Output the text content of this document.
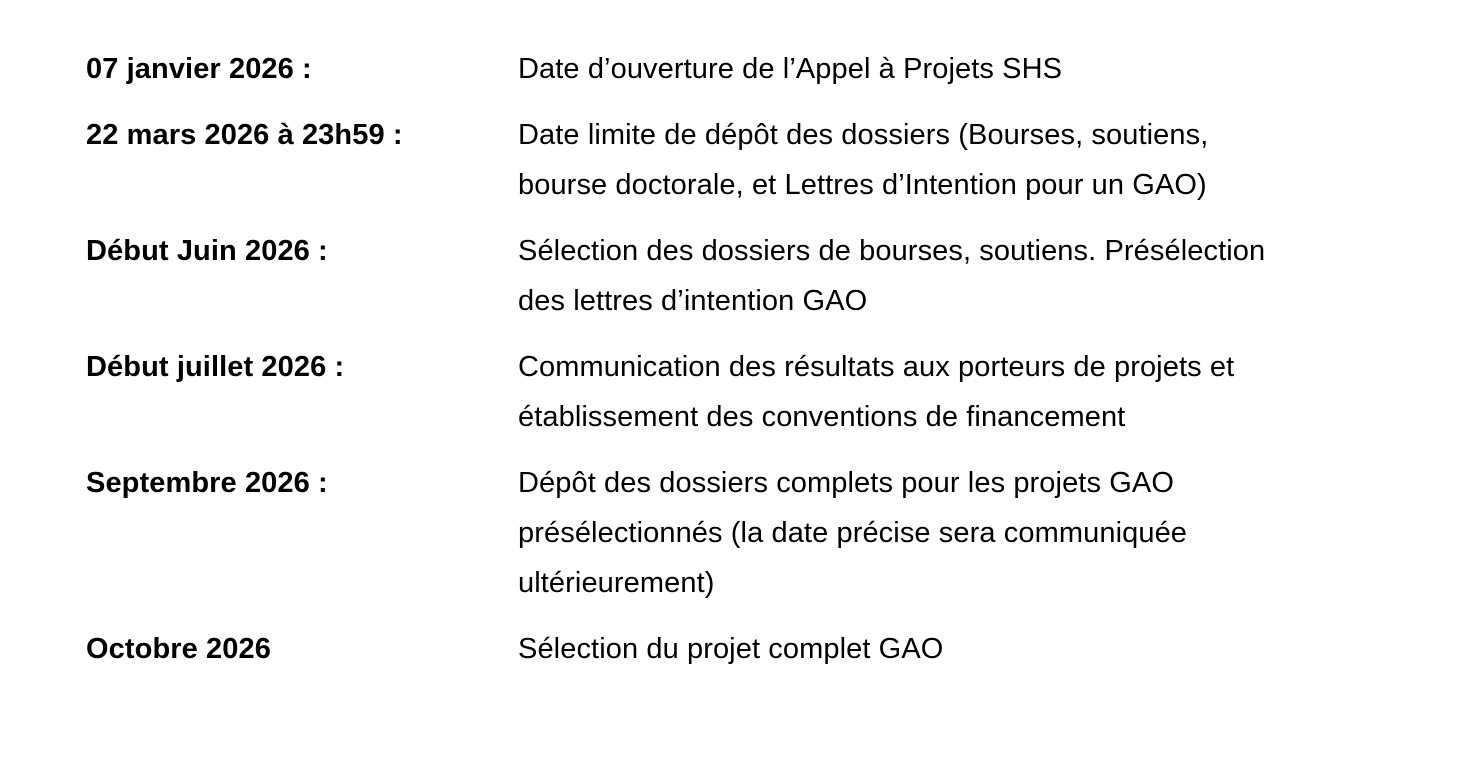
07 janvier 2026 :	Date d’ouverture de l’Appel à Projets SHS
22 mars 2026 à 23h59 :	Date limite de dépôt des dossiers (Bourses, soutiens,
bourse doctorale, et Lettres d’Intention pour un GAO)
Début Juin 2026 :	Sélection des dossiers de bourses, soutiens. Présélection
des lettres d’intention GAO
Début juillet 2026 :	Communication des résultats aux porteurs de projets et
établissement des conventions de financement
Septembre 2026 :	Dépôt des dossiers complets pour les projets GAO
présélectionnés (la date précise sera communiquée
ultérieurement)
Octobre 2026	Sélection du projet complet GAO
